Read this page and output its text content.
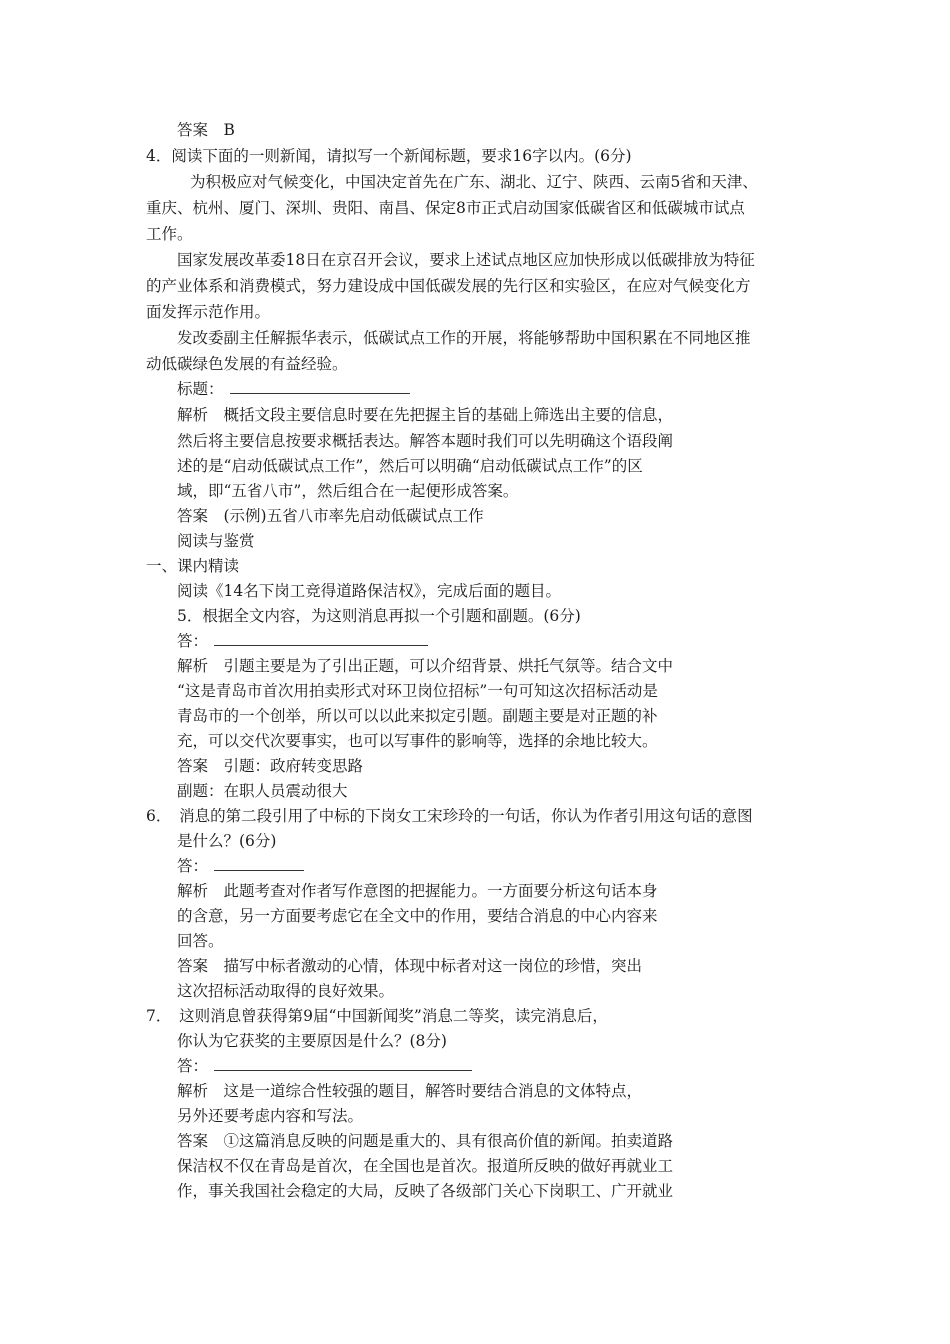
答案　B
4．阅读下面的一则新闻，请拟写一个新闻标题，要求16字以内。(6分)
为积极应对气候变化，中国决定首先在广东、湖北、辽宁、陕西、云南5省和天津、
重庆、杭州、厦门、深圳、贵阳、南昌、保定8市正式启动国家低碳省区和低碳城市试点
工作。
国家发展改革委18日在京召开会议，要求上述试点地区应加快形成以低碳排放为特征
的产业体系和消费模式，努力建设成中国低碳发展的先行区和实验区，在应对气候变化方
面发挥示范作用。
发改委副主任解振华表示，低碳试点工作的开展，将能够帮助中国积累在不同地区推
动低碳绿色发展的有益经验。
标题：
解析　概括文段主要信息时要在先把握主旨的基础上筛选出主要的信息，
然后将主要信息按要求概括表达。解答本题时我们可以先明确这个语段阐
述的是“启动低碳试点工作”，然后可以明确“启动低碳试点工作”的区
域，即“五省八市”，然后组合在一起便形成答案。
答案　(示例)五省八市率先启动低碳试点工作
阅读与鉴赏
一、课内精读
阅读《14名下岗工竞得道路保洁权》，完成后面的题目。
5．根据全文内容，为这则消息再拟一个引题和副题。(6分)
答：
解析　引题主要是为了引出正题，可以介绍背景、烘托气氛等。结合文中
“这是青岛市首次用拍卖形式对环卫岗位招标”一句可知这次招标活动是
青岛市的一个创举，所以可以以此来拟定引题。副题主要是对正题的补
充，可以交代次要事实，也可以写事件的影响等，选择的余地比较大。
答案　引题：政府转变思路
副题：在职人员震动很大
6．　消息的第二段引用了中标的下岗女工宋珍玲的一句话，你认为作者引用这句话的意图
是什么？(6分)
答：
解析　此题考查对作者写作意图的把握能力。一方面要分析这句话本身
的含意，另一方面要考虑它在全文中的作用，要结合消息的中心内容来
回答。
答案　描写中标者激动的心情，体现中标者对这一岗位的珍惜，突出
这次招标活动取得的良好效果。
7．　这则消息曾获得第9届“中国新闻奖”消息二等奖，读完消息后，
你认为它获奖的主要原因是什么？(8分)
答：
解析　这是一道综合性较强的题目，解答时要结合消息的文体特点，
另外还要考虑内容和写法。
答案　①这篇消息反映的问题是重大的、具有很高价值的新闻。拍卖道路
保洁权不仅在青岛是首次，在全国也是首次。报道所反映的做好再就业工
作，事关我国社会稳定的大局，反映了各级部门关心下岗职工、广开就业
